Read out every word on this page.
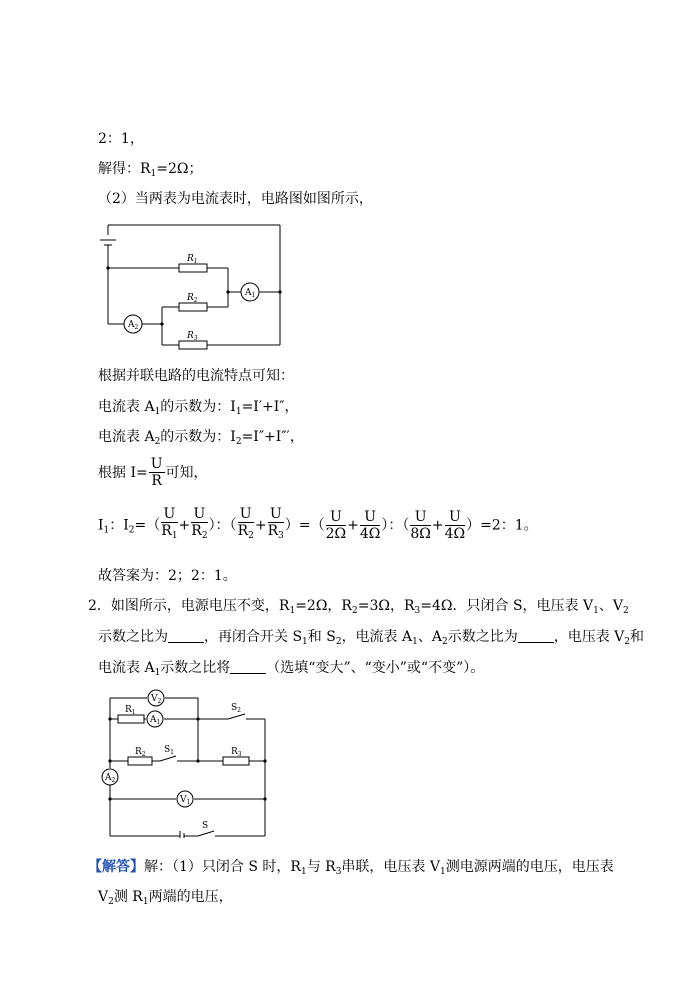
2：1，
解得：$R_1=2\Omega$；
（2）当两表为电流表时，电路图如图所示，
$R_1$
$R_2$
$R_3$
$A_1$
$A_2$
根据并联电路的电流特点可知：
电流表 $A_1$的示数为：$I_1=I'+I''$，
电流表 $A_2$的示数为：$I_2=I''+I'''$，
根据 $I= \frac{U}{R}$ 可知，
$I_1$：$I_2=( \frac{U}{R_1} + \frac{U}{R_2}$ ）：（ $\frac{U}{R_2} + \frac{U}{R_3}$ ）=（ $\frac{U}{2\Omega} + \frac{U}{4\Omega}$ ）：（ $\frac{U}{8\Omega} + \frac{U}{4\Omega} )=2$：1。
故答案为：2；2：1。
2．如图所示，电源电压不变，$R_1=2\Omega$，$R_2=3\Omega$，$R_3=4\Omega$．只闭合 S，电压表 $V_1$、$V_2$
示数之比为	，再闭合开关 $S_1$和 $S_2$，电流表 $A_1$、$A_2$示数之比为	，电压表 $V_2$和
电流表 $A_1$示数之比将	（选填“变大”、“变小”或“不变”）。
$V_2$
$R_1$
$A_1$
$S_2$
$R_2$ $S_1$	$R_3$
$A_2$
$V_1$
S
【解答】解：（1）只闭合 S 时，$R_1$与 $R_3$串联，电压表 $V_1$测电源两端的电压，电压表
$V_2$测 $R_1$两端的电压，
